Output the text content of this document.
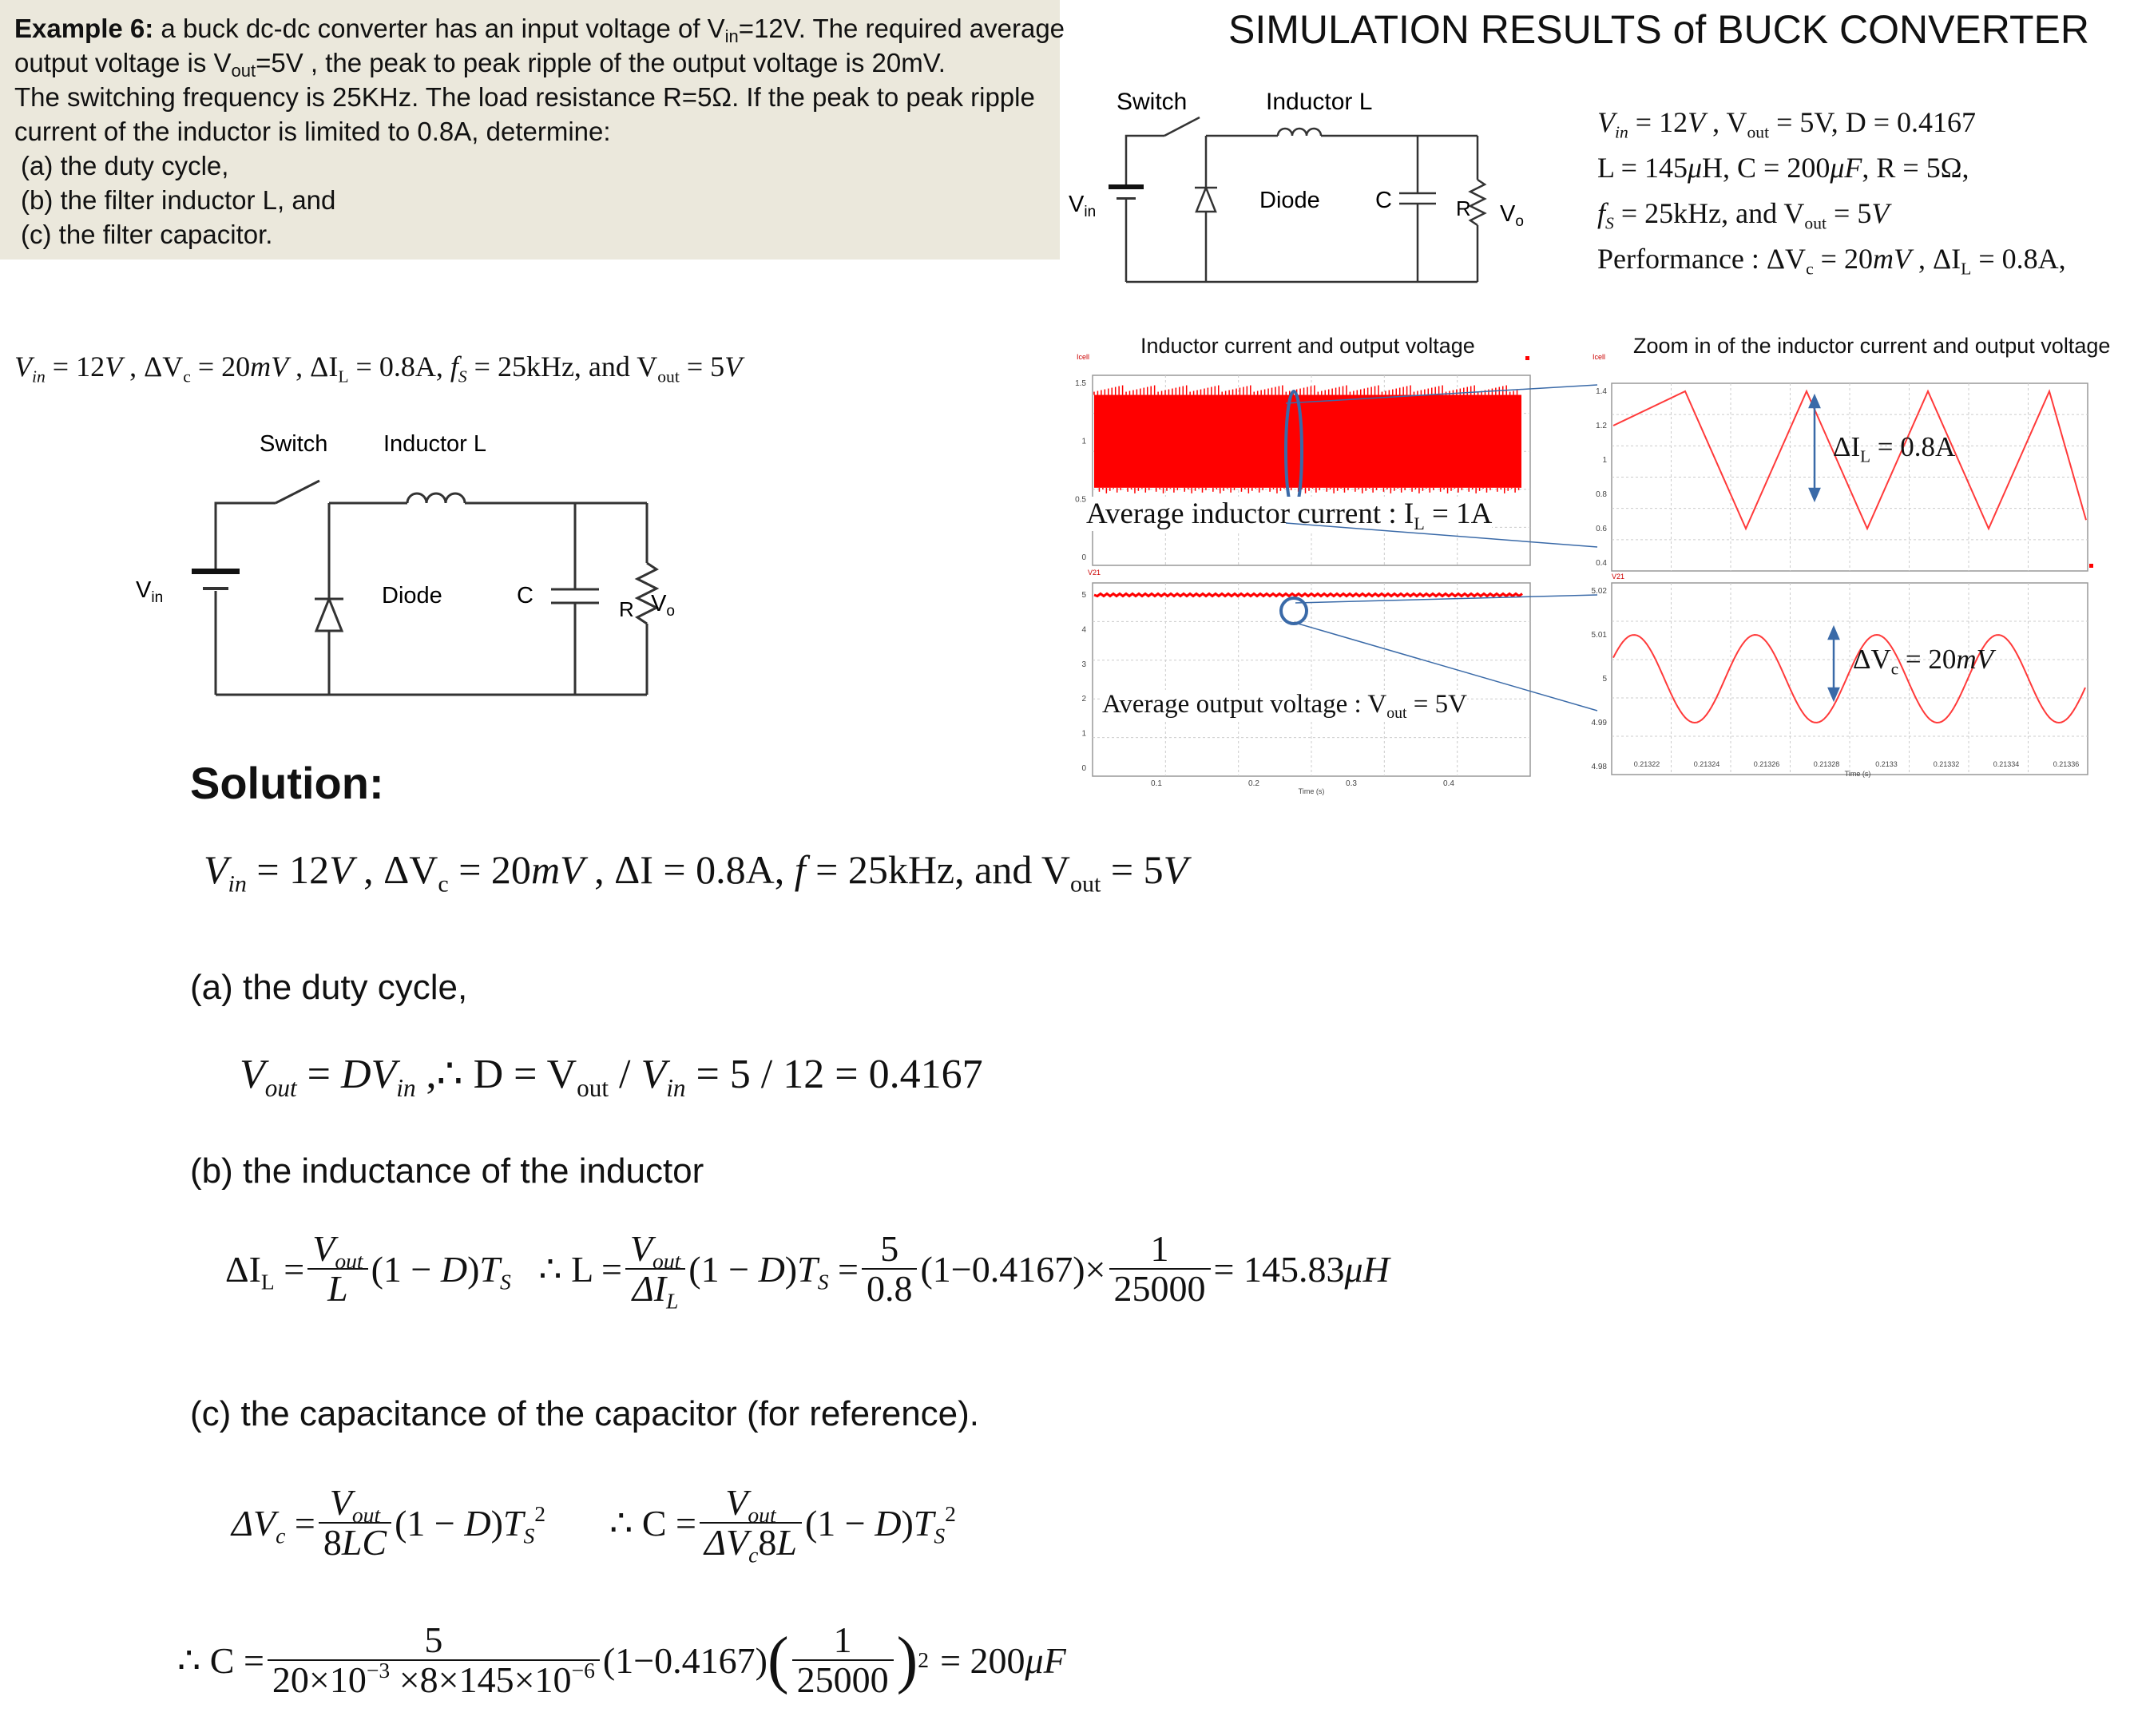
Example 6: a buck dc-dc converter has an input voltage of $V_{in}=12V$. The required average
output voltage is $V_{out}=5V$ , the peak to peak ripple of the output voltage is 20mV.
The switching frequency is 25KHz. The load resistance R=5Ω. If the peak to peak ripple
current of the inductor is limited to 0.8A, determine:
(a) the duty cycle,
(b) the filter inductor L, and
(c) the filter capacitor.
SIMULATION RESULTS of BUCK CONVERTER
$V_{in} = 12V$ , $\Delta V_c = 20mV$ , $\Delta I_L = 0.8A$, $f_S = 25kHz$, and $V_{out} = 5V$
Switch Inductor L
Diode	C
R
$V_{in}$	$V_o$
Switch	Inductor L
Diode C	R
$V_{in}$	$V_o$
$V_{in} = 12V$ , $V_{out} = 5V$, D = 0.4167
L = 145μH, C = 200μF, R = 5Ω,
$f_S = 25kHz$, and $V_{out} = 5V$
Performance : $\Delta V_c = 20mV$ , $\Delta I_L = 0.8A$,
Inductor current and output voltage
1.5
1
0.5
0
5
4
3
2
1
0
0.1	0.2	0.3	0.4
Icell
V21
Time (s)
Average inductor current : $I_L = 1A$
Average output voltage : $V_{out} = 5V$
Zoom in of the inductor current and output voltage
1.4
1.2
1
0.8
0.6
0.4
5.02
5.01
5
4.99
4.98	0.21322	0.21324	0.21326	0.21328	0.2133	0.21332	0.21334	0.21336
Icell
V21
Time (s)
$\Delta I_L = 0.8A$
$\Delta V_c = 20mV$
Solution:
$V_{in} = 12V$ , $\Delta V_c = 20mV$ , ΔI = 0.8A, f = 25kHz, and $V_{out} = 5V$
(a) the duty cycle,
$V_{out} = DV_{in}$ ,∴ $D = V_{out} / V_{in} = 5 / 12 = 0.4167$
(b) the inductance of the inductor
$\Delta I_L = \frac{V_{out}}{L} (1 - D)T_S$   ∴ $L = \frac{V_{out}}{\Delta I_L} (1 - D)T_S = \frac{5}{0.8} (1-0.4167)\times \frac{1}{25000} = 145.83\mu H$
(c) the capacitance of the capacitor (for reference).
$\Delta V_c = \frac{V_{out}}{8LC} (1 - D)T_S^2$ ∴ $C = \frac{V_{out}}{\Delta V_c8L} (1 - D)T_S^2$
∴ $C = \frac{5}{20\times 10^{-3} \times 8\times 145\times 10^{-6}} (1-0.4167)$ ( $\frac{1}{25000}$ ) 2 = 200μF
